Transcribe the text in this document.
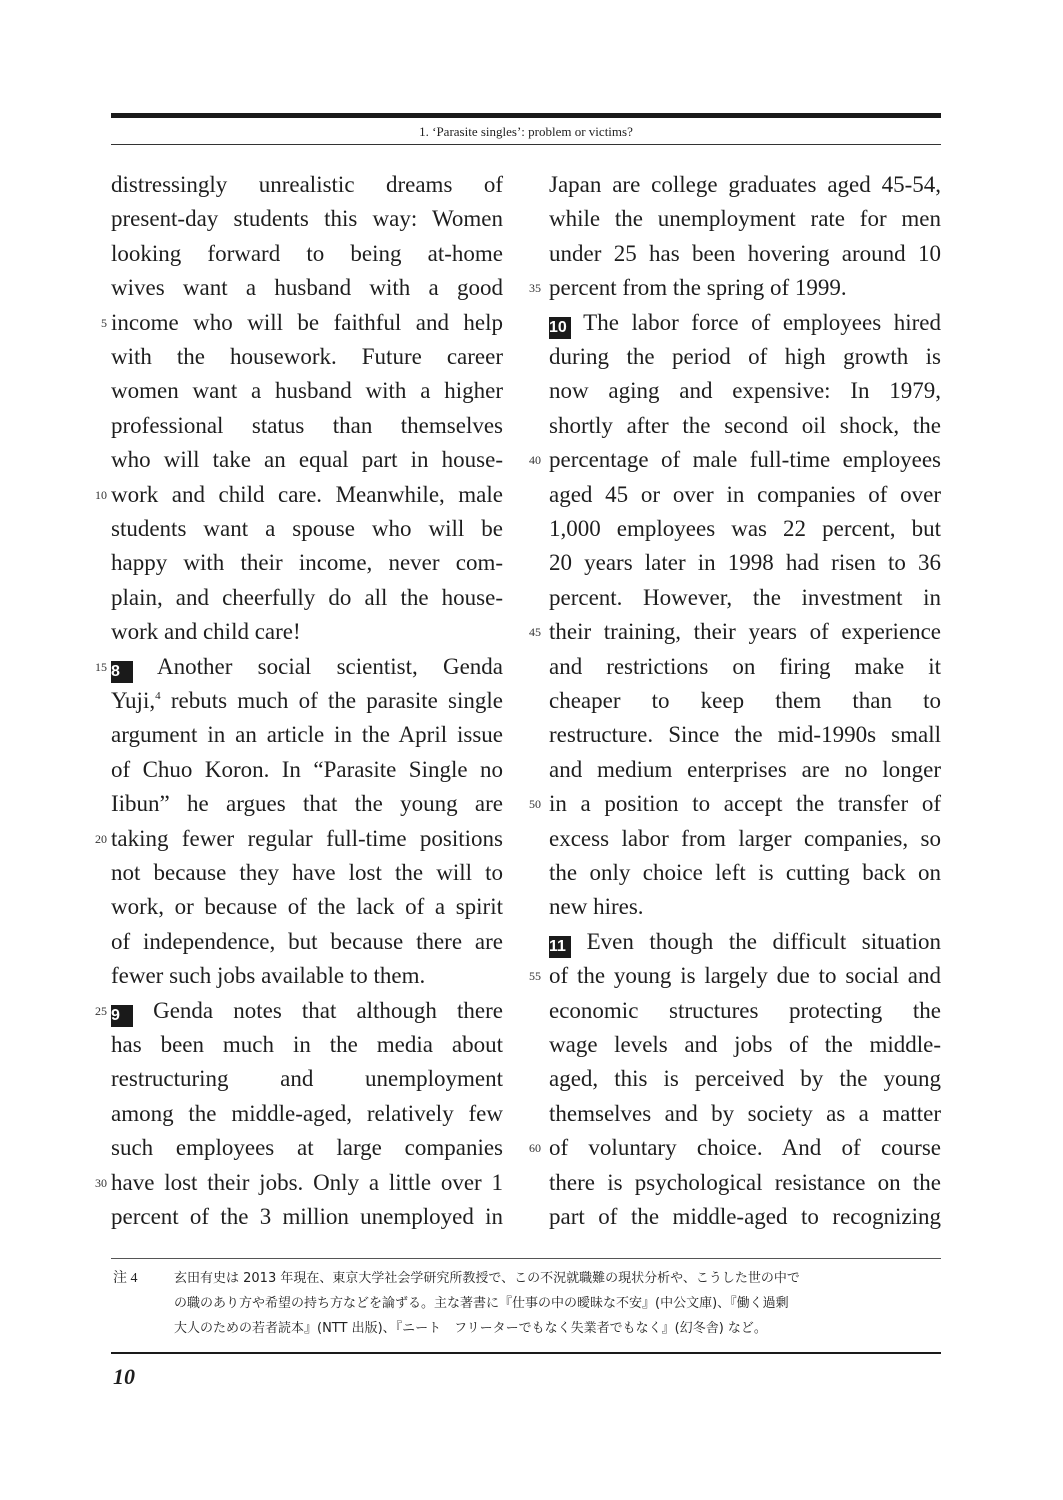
1. ‘Parasite singles’: problem or victims?
distressingly unrealistic dreams of
present-day students this way: Women
looking forward to being at-home
wives want a husband with a good
5 income who will be faithful and help
with the housework. Future career
women want a husband with a higher
professional status than themselves
who will take an equal part in house-
10 work and child care. Meanwhile, male
students want a spouse who will be
happy with their income, never com-
plain, and cheerfully do all the house-
work and child care!
15 8 Another social scientist, Genda
Yuji,$^4$ rebuts much of the parasite single
argument in an article in the April issue
of Chuo Koron. In “Parasite Single no
Iibun” he argues that the young are
20 taking fewer regular full-time positions
not because they have lost the will to
work, or because of the lack of a spirit
of independence, but because there are
fewer such jobs available to them.
25 9 Genda notes that although there
has been much in the media about
restructuring and unemployment
among the middle-aged, relatively few
such employees at large companies
30 have lost their jobs. Only a little over 1
percent of the 3 million unemployed in
Japan are college graduates aged 45-54,
while the unemployment rate for men
under 25 has been hovering around 10
35 percent from the spring of 1999.
10 The labor force of employees hired
during the period of high growth is
now aging and expensive: In 1979,
shortly after the second oil shock, the
40 percentage of male full-time employees
aged 45 or over in companies of over
1,000 employees was 22 percent, but
20 years later in 1998 had risen to 36
percent. However, the investment in
45 their training, their years of experience
and restrictions on firing make it
cheaper to keep them than to
restructure. Since the mid-1990s small
and medium enterprises are no longer
50 in a position to accept the transfer of
excess labor from larger companies, so
the only choice left is cutting back on
new hires.
11 Even though the difficult situation
55 of the young is largely due to social and
economic structures protecting the
wage levels and jobs of the middle-
aged, this is perceived by the young
themselves and by society as a matter
60 of voluntary choice. And of course
there is psychological resistance on the
part of the middle-aged to recognizing
注 4	玄田有史は 2013 年現在、東京大学社会学研究所教授で、この不況就職難の現状分析や、こうした世の中で
の職のあり方や希望の持ち方などを論ずる。主な著書に『仕事の中の曖昧な不安』(中公文庫)、『働く過剰
大人のための若者読本』(NTT 出版)、『ニート　フリーターでもなく失業者でもなく』(幻冬舎) など。
10
